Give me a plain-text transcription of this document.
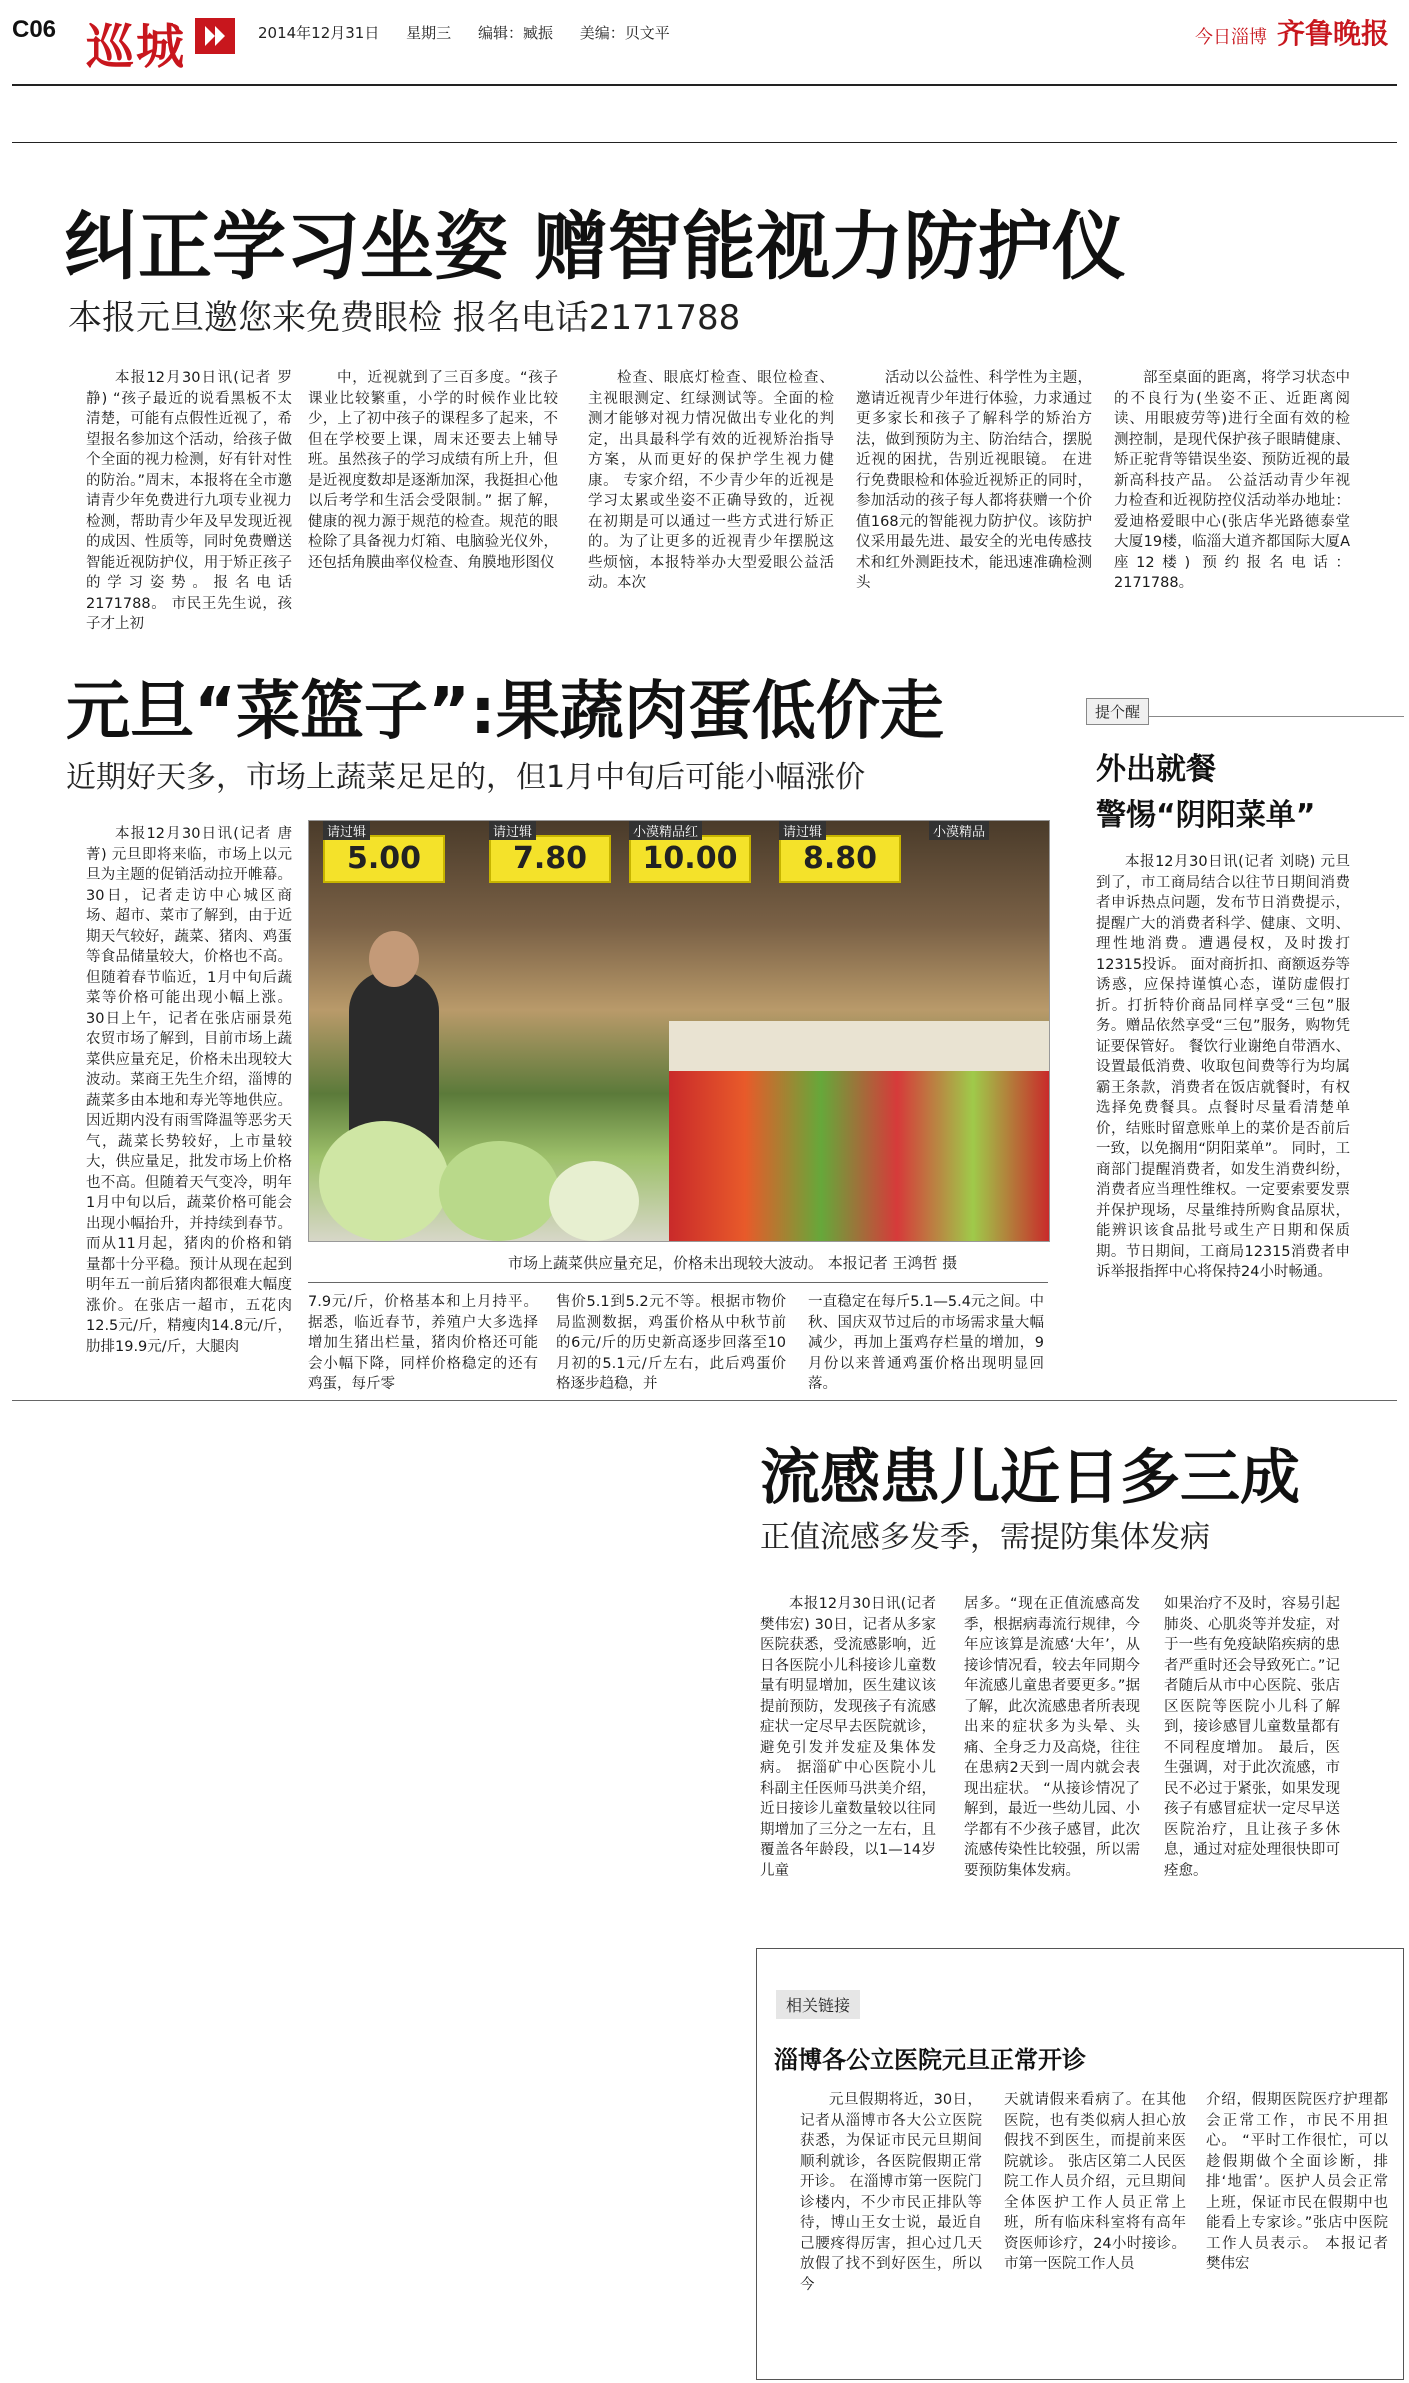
C06 巡城	2014年12月31日 星期三 编辑：臧振 美编：贝文平	今日淄博 齐鲁晚报
纠正学习坐姿 赠智能视力防护仪
本报元旦邀您来免费眼检 报名电话2171788

本报12月30日讯(记者 罗静) “孩子最近的说看黑板不太清楚，可能有点假性近视了，希望报名参加这个活动，给孩子做个全面的视力检测，好有针对性的防治。”周末，本报将在全市邀请青少年免费进行九项专业视力检测，帮助青少年及早发现近视的成因、性质等，同时免费赠送智能近视防护仪，用于矫正孩子的学习姿势。报名电话2171788。 市民王先生说，孩子才上初

中，近视就到了三百多度。“孩子课业比较繁重，小学的时候作业比较少，上了初中孩子的课程多了起来，不但在学校要上课，周末还要去上辅导班。虽然孩子的学习成绩有所上升，但是近视度数却是逐渐加深，我挺担心他以后考学和生活会受限制。” 据了解，健康的视力源于规范的检查。规范的眼检除了具备视力灯箱、电脑验光仪外，还包括角膜曲率仪检查、角膜地形图仪

检查、眼底灯检查、眼位检查、主视眼测定、红绿测试等。全面的检测才能够对视力情况做出专业化的判定，出具最科学有效的近视矫治指导方案，从而更好的保护学生视力健康。 专家介绍，不少青少年的近视是学习太累或坐姿不正确导致的，近视在初期是可以通过一些方式进行矫正的。为了让更多的近视青少年摆脱这些烦恼，本报特举办大型爱眼公益活动。本次

活动以公益性、科学性为主题，邀请近视青少年进行体验，力求通过更多家长和孩子了解科学的矫治方法，做到预防为主、防治结合，摆脱近视的困扰，告别近视眼镜。 在进行免费眼检和体验近视矫正的同时，参加活动的孩子每人都将获赠一个价值168元的智能视力防护仪。该防护仪采用最先进、最安全的光电传感技术和红外测距技术，能迅速准确检测头

部至桌面的距离，将学习状态中的不良行为(坐姿不正、近距离阅读、用眼疲劳等)进行全面有效的检测控制，是现代保护孩子眼睛健康、矫正驼背等错误坐姿、预防近视的最新高科技产品。 公益活动青少年视力检查和近视防控仪活动举办地址：爱迪格爱眼中心(张店华光路德泰堂大厦19楼，临淄大道齐都国际大厦A座12楼) 预约报名电话：2171788。

元旦“菜篮子”:果蔬肉蛋低价走
近期好天多，市场上蔬菜足足的，但1月中旬后可能小幅涨价

本报12月30日讯(记者 唐菁) 元旦即将来临，市场上以元旦为主题的促销活动拉开帷幕。30日，记者走访中心城区商场、超市、菜市了解到，由于近期天气较好，蔬菜、猪肉、鸡蛋等食品储量较大，价格也不高。但随着春节临近，1月中旬后蔬菜等价格可能出现小幅上涨。 30日上午，记者在张店丽景苑农贸市场了解到，目前市场上蔬菜供应量充足，价格未出现较大波动。菜商王先生介绍，淄博的蔬菜多由本地和寿光等地供应。因近期内没有雨雪降温等恶劣天气，蔬菜长势较好，上市量较大，供应量足，批发市场上价格也不高。但随着天气变冷，明年1月中旬以后，蔬菜价格可能会出现小幅抬升，并持续到春节。 而从11月起，猪肉的价格和销量都十分平稳。预计从现在起到明年五一前后猪肉都很难大幅度涨价。在张店一超市，五花肉12.5元/斤，精瘦肉14.8元/斤，肋排19.9元/斤，大腿肉

5.00	7.80	10.00	8.80
请过辑	请过辑	小漠精品红	请过辑	小漠精品
市场上蔬菜供应量充足，价格未出现较大波动。 本报记者 王鸿哲 摄

7.9元/斤，价格基本和上月持平。据悉，临近春节，养殖户大多选择增加生猪出栏量，猪肉价格还可能会小幅下降，同样价格稳定的还有鸡蛋，每斤零

售价5.1到5.2元不等。根据市物价局监测数据，鸡蛋价格从中秋节前的6元/斤的历史新高逐步回落至10月初的5.1元/斤左右，此后鸡蛋价格逐步趋稳，并

一直稳定在每斤5.1—5.4元之间。中秋、国庆双节过后的市场需求量大幅减少，再加上蛋鸡存栏量的增加，9月份以来普通鸡蛋价格出现明显回落。

提个醒
外出就餐
警惕“阴阳菜单”

本报12月30日讯(记者 刘晓) 元旦到了，市工商局结合以往节日期间消费者申诉热点问题，发布节日消费提示，提醒广大的消费者科学、健康、文明、理性地消费。遭遇侵权，及时拨打12315投诉。 面对商折扣、商额返券等诱惑，应保持谨慎心态，谨防虚假打折。打折特价商品同样享受“三包”服务。赠品依然享受“三包”服务，购物凭证要保管好。 餐饮行业谢绝自带酒水、设置最低消费、收取包间费等行为均属霸王条款，消费者在饭店就餐时，有权选择免费餐具。点餐时尽量看清楚单价，结账时留意账单上的菜价是否前后一致，以免搁用“阴阳菜单”。 同时，工商部门提醒消费者，如发生消费纠纷，消费者应当理性维权。一定要索要发票并保护现场，尽量维持所购食品原状，能辨识该食品批号或生产日期和保质期。节日期间，工商局12315消费者申诉举报指挥中心将保持24小时畅通。

流感患儿近日多三成
正值流感多发季，需提防集体发病

本报12月30日讯(记者 樊伟宏) 30日，记者从多家医院获悉，受流感影响，近日各医院小儿科接诊儿童数量有明显增加，医生建议该提前预防，发现孩子有流感症状一定尽早去医院就诊，避免引发并发症及集体发病。 据淄矿中心医院小儿科副主任医师马洪美介绍，近日接诊儿童数量较以往同期增加了三分之一左右，且覆盖各年龄段，以1—14岁儿童

居多。“现在正值流感高发季，根据病毒流行规律，今年应该算是流感‘大年’，从接诊情况看，较去年同期今年流感儿童患者要更多。”据了解，此次流感患者所表现出来的症状多为头晕、头痛、全身乏力及高烧，往往在患病2天到一周内就会表现出症状。 “从接诊情况了解到，最近一些幼儿园、小学都有不少孩子感冒，此次流感传染性比较强，所以需要预防集体发病。

如果治疗不及时，容易引起肺炎、心肌炎等并发症，对于一些有免疫缺陷疾病的患者严重时还会导致死亡。”记者随后从市中心医院、张店区医院等医院小儿科了解到，接诊感冒儿童数量都有不同程度增加。 最后，医生强调，对于此次流感，市民不必过于紧张，如果发现孩子有感冒症状一定尽早送医院治疗，且让孩子多休息，通过对症处理很快即可痊愈。

相关链接
淄博各公立医院元旦正常开诊

元旦假期将近，30日，记者从淄博市各大公立医院获悉，为保证市民元旦期间顺利就诊，各医院假期正常开诊。 在淄博市第一医院门诊楼内，不少市民正排队等待，博山王女士说，最近自己腰疼得厉害，担心过几天放假了找不到好医生，所以今

天就请假来看病了。在其他医院，也有类似病人担心放假找不到医生，而提前来医院就诊。 张店区第二人民医院工作人员介绍，元旦期间全体医护工作人员正常上班，所有临床科室将有高年资医师诊疗，24小时接诊。市第一医院工作人员

介绍，假期医院医疗护理都会正常工作，市民不用担心。 “平时工作很忙，可以趁假期做个全面诊断，排排‘地雷’。医护人员会正常上班，保证市民在假期中也能看上专家诊。”张店中医院工作人员表示。 本报记者 樊伟宏
